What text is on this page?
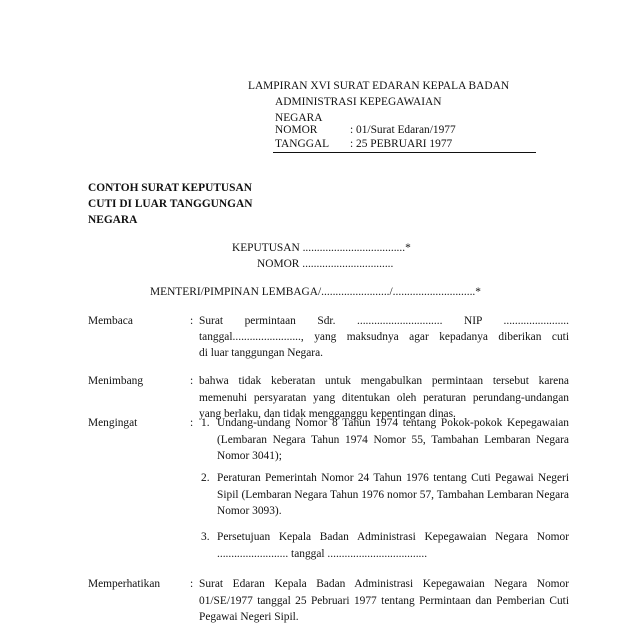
LAMPIRAN XVI SURAT EDARAN KEPALA BADAN
ADMINISTRASI KEPEGAWAIAN
NEGARA
NOMOR	: 01/Surat Edaran/1977
TANGGAL : 25 PEBRUARI 1977
CONTOH SURAT KEPUTUSAN
CUTI DI LUAR TANGGUNGAN
NEGARA
KEPUTUSAN ....................................*
NOMOR ................................
MENTERI/PIMPINAN LEMBAGA/......................../.............................*
Membaca	: Surat permintaan Sdr. .............................. NIP .......................
tanggal........................, yang maksudnya agar kepadanya diberikan cuti
di luar tanggungan Negara.
Menimbang	: bahwa tidak keberatan untuk mengabulkan permintaan tersebut karena memenuhi persyaratan yang ditentukan oleh peraturan perundang-undangan yang berlaku, dan tidak mengganggu kepentingan dinas.
Mengingat	: 1. Undang-undang Nomor 8 Tahun 1974 tentang Pokok-pokok Kepegawaian (Lembaran Negara Tahun 1974 Nomor 55, Tambahan Lembaran Negara Nomor 3041);
2. Peraturan Pemerintah Nomor 24 Tahun 1976 tentang Cuti Pegawai Negeri Sipil (Lembaran Negara Tahun 1976 nomor 57, Tambahan Lembaran Negara Nomor 3093).
3. Persetujuan Kepala Badan Administrasi Kepegawaian Negara Nomor ......................... tanggal ...................................
Memperhatikan	: Surat Edaran Kepala Badan Administrasi Kepegawaian Negara Nomor 01/SE/1977 tanggal 25 Pebruari 1977 tentang Permintaan dan Pemberian Cuti Pegawai Negeri Sipil.
